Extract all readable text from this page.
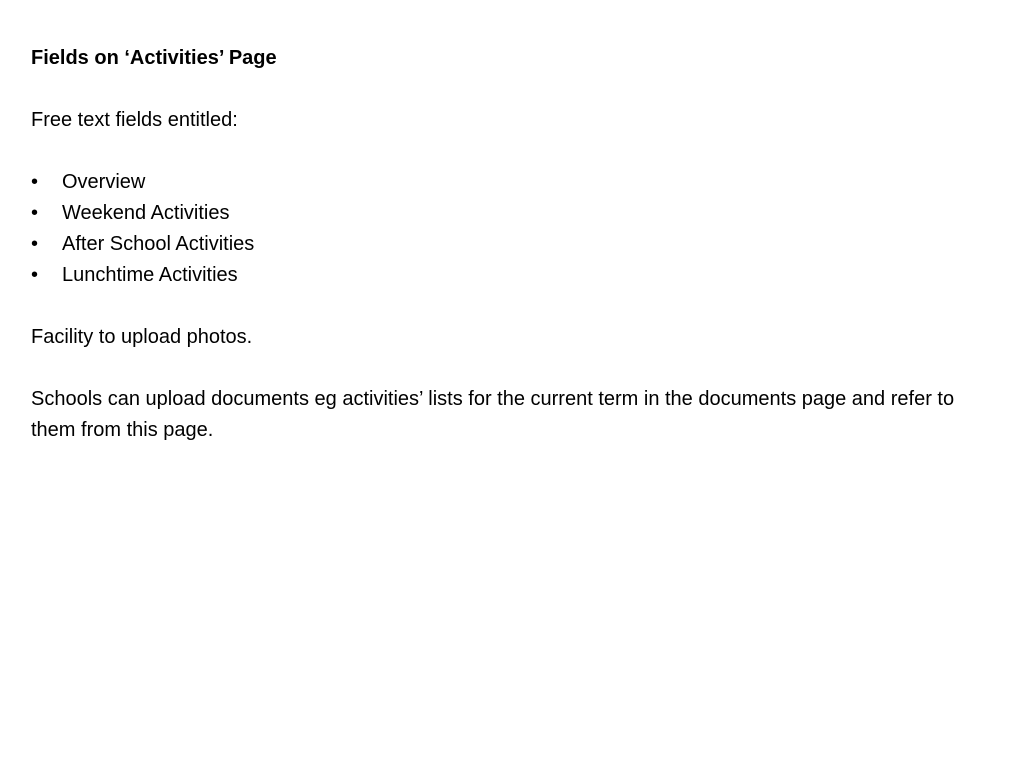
Fields on ‘Activities’ Page

Free text fields entitled:

•	Overview
•	Weekend Activities
•	After School Activities
•	Lunchtime Activities

Facility to upload photos.

Schools can upload documents eg activities’ lists for the current term in the documents page and refer to them from this page.
